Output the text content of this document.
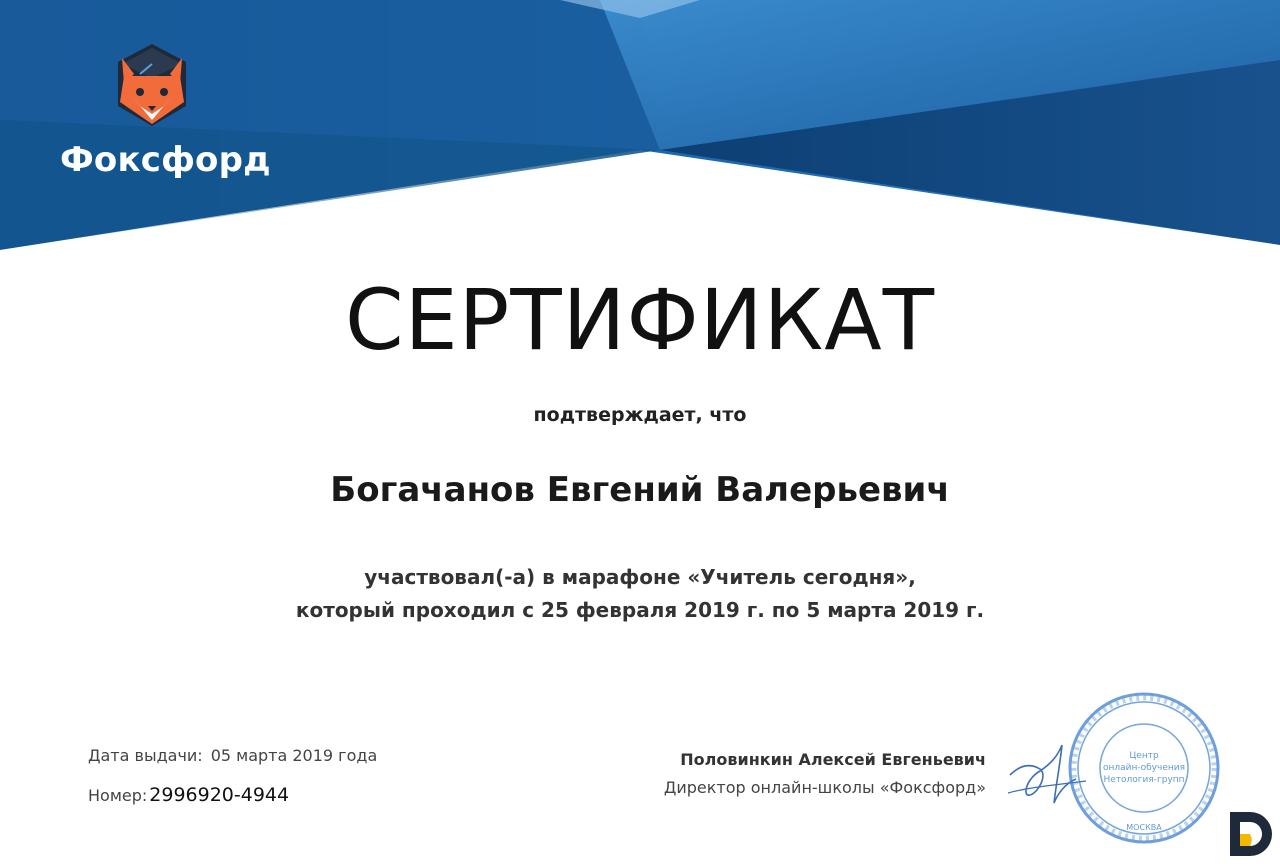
Фоксфорд
СЕРТИФИКАТ
подтверждает, что
Богачанов Евгений Валерьевич
участвовал(-а) в марафоне «Учитель сегодня»,
который проходил с 25 февраля 2019 г. по 5 марта 2019 г.
Дата выдачи: 05 марта 2019 года
Номер: 2996920-4944
Половинкин Алексей Евгеньевич
Директор онлайн-школы «Фоксфорд»
Центр
онлайн-обучения
Нетология-групп
МОСКВА
